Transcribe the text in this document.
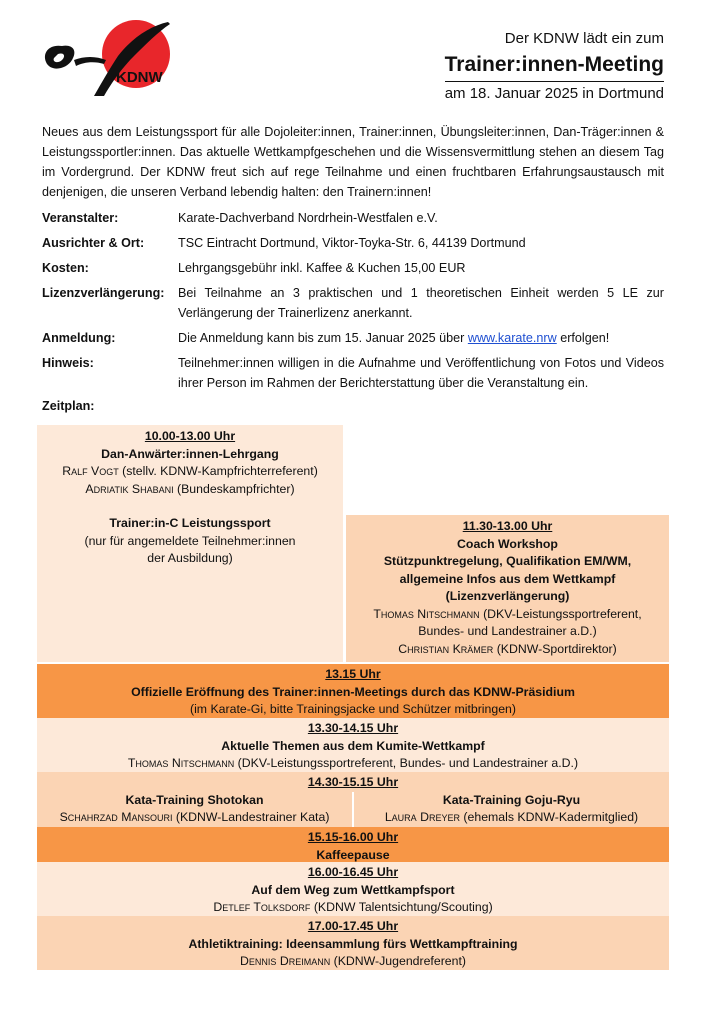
KDNW
Der KDNW lädt ein zum
Trainer:innen-Meeting
am 18. Januar 2025 in Dortmund
Neues aus dem Leistungssport für alle Dojoleiter:innen, Trainer:innen, Übungsleiter:innen, Dan-Träger:innen & Leistungssportler:innen. Das aktuelle Wettkampfgeschehen und die Wissensvermittlung stehen an diesem Tag im Vordergrund. Der KDNW freut sich auf rege Teilnahme und einen fruchtbaren Erfahrungsaustausch mit denjenigen, die unseren Verband lebendig halten: den Trainern:innen!
Veranstalter:	Karate-Dachverband Nordrhein-Westfalen e.V.
Ausrichter & Ort:	TSC Eintracht Dortmund, Viktor-Toyka-Str. 6, 44139 Dortmund
Kosten:	Lehrgangsgebühr inkl. Kaffee & Kuchen 15,00 EUR
Lizenzverlängerung:	Bei Teilnahme an 3 praktischen und 1 theoretischen Einheit werden 5 LE zur Verlängerung der Trainerlizenz anerkannt.
Anmeldung:	Die Anmeldung kann bis zum 15. Januar 2025 über www.karate.nrw erfolgen!
Hinweis:	Teilnehmer:innen willigen in die Aufnahme und Veröffentlichung von Fotos und Videos ihrer Person im Rahmen der Berichterstattung über die Veranstaltung ein.
Zeitplan:
10.00-13.00 Uhr
Dan-Anwärter:innen-Lehrgang
Ralf Vogt (stellv. KDNW-Kampfrichterreferent)
Adriatik Shabani (Bundeskampfrichter)
Trainer:in-C Leistungssport
(nur für angemeldete Teilnehmer:innen
der Ausbildung)
11.30-13.00 Uhr
Coach Workshop
Stützpunktregelung, Qualifikation EM/WM,
allgemeine Infos aus dem Wettkampf
(Lizenzverlängerung)
Thomas Nitschmann (DKV-Leistungssportreferent,
Bundes- und Landestrainer a.D.)
Christian Krämer (KDNW-Sportdirektor)
13.15 Uhr
Offizielle Eröffnung des Trainer:innen-Meetings durch das KDNW-Präsidium
(im Karate-Gi, bitte Trainingsjacke und Schützer mitbringen)
13.30-14.15 Uhr
Aktuelle Themen aus dem Kumite-Wettkampf
Thomas Nitschmann (DKV-Leistungssportreferent, Bundes- und Landestrainer a.D.)
14.30-15.15 Uhr
Kata-Training Shotokan
Schahrzad Mansouri (KDNW-Landestrainer Kata)
Kata-Training Goju-Ryu
Laura Dreyer (ehemals KDNW-Kadermitglied)
15.15-16.00 Uhr
Kaffeepause
16.00-16.45 Uhr
Auf dem Weg zum Wettkampfsport
Detlef Tolksdorf (KDNW Talentsichtung/Scouting)
17.00-17.45 Uhr
Athletiktraining: Ideensammlung fürs Wettkampftraining
Dennis Dreimann (KDNW-Jugendreferent)
